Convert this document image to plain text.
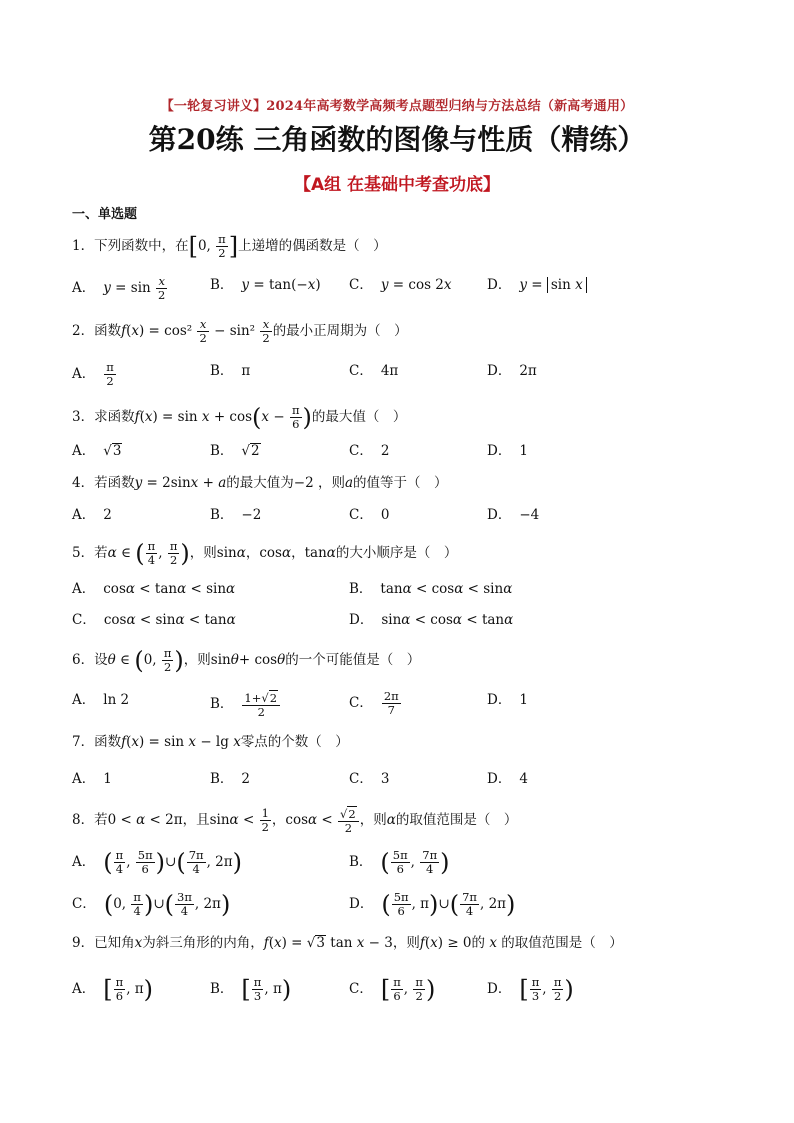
【一轮复习讲义】2024年高考数学高频考点题型归纳与方法总结（新高考通用）
第20练 三角函数的图像与性质（精练）
【A组 在基础中考查功底】
一、单选题
1．下列函数中，在[0, $\frac{\pi}{2}$ ]上递增的偶函数是（　）
A． $y = \sin \frac{x}{2}$	B． y = tan(−x) C． y = cos 2x	D． y = sin x
2．函数$f(x) = \cos^2 \frac{x}{2} - \sin^2 \frac{x}{2}$ 的最小正周期为（　）
A． $\frac{\pi}{2}$	B． π	C． 4π	D． 2π
3．求函数$f(x) = \sin x + \cos(x - \frac{\pi}{6}$ )的最大值（　）
A． √3	B． √2	C． 2	D． 1
4．若函数y = 2sinx + a的最大值为−2 ，则a的值等于（　）
A． 2	B． −2	C． 0	D． −4
5．若α ∈ ( $\frac{\pi}{4}$ , $\frac{\pi}{2}$ )，则sinα，cosα，tanα的大小顺序是（　）
A． cosα < tanα < sinα	B． tanα < cosα < sinα
C． cosα < sinα < tanα	D． sinα < cosα < tanα
6．设θ ∈ (0, $\frac{\pi}{2}$ )，则sinθ+ cosθ的一个可能值是（　）
A． ln 2	B． $\frac{1+√2}{2}$	C． $\frac{2\pi}{7}$	D． 1
7．函数f(x) = sin x − lg x零点的个数（　）
A． 1	B． 2	C． 3	D． 4
8．若0 < α < 2π，且$\sin\alpha < \frac{1}{2}$ ，$\cos\alpha < \frac{√2}{2}$ ，则α的取值范围是（　）
A． ( $\frac{\pi}{4}$ , $\frac{5\pi}{6}$ )∪( $\frac{7\pi}{4}$ , 2π)	B． ( $\frac{5\pi}{6}$ , $\frac{7\pi}{4}$ )
C． (0, $\frac{\pi}{4}$ )∪( $\frac{3\pi}{4}$ , 2π)	D． ( $\frac{5\pi}{6}$ , π)∪( $\frac{7\pi}{4}$ , 2π)
9．已知角x为斜三角形的内角，f(x) = √3 tan x − 3，则f(x) ≥ 0的 x 的取值范围是（　）
A． [ $\frac{\pi}{6}$ , π)	B． [ $\frac{\pi}{3}$ , π)	C． [ $\frac{\pi}{6}$ , $\frac{\pi}{2}$ )	D． [ $\frac{\pi}{3}$ , $\frac{\pi}{2}$ )
